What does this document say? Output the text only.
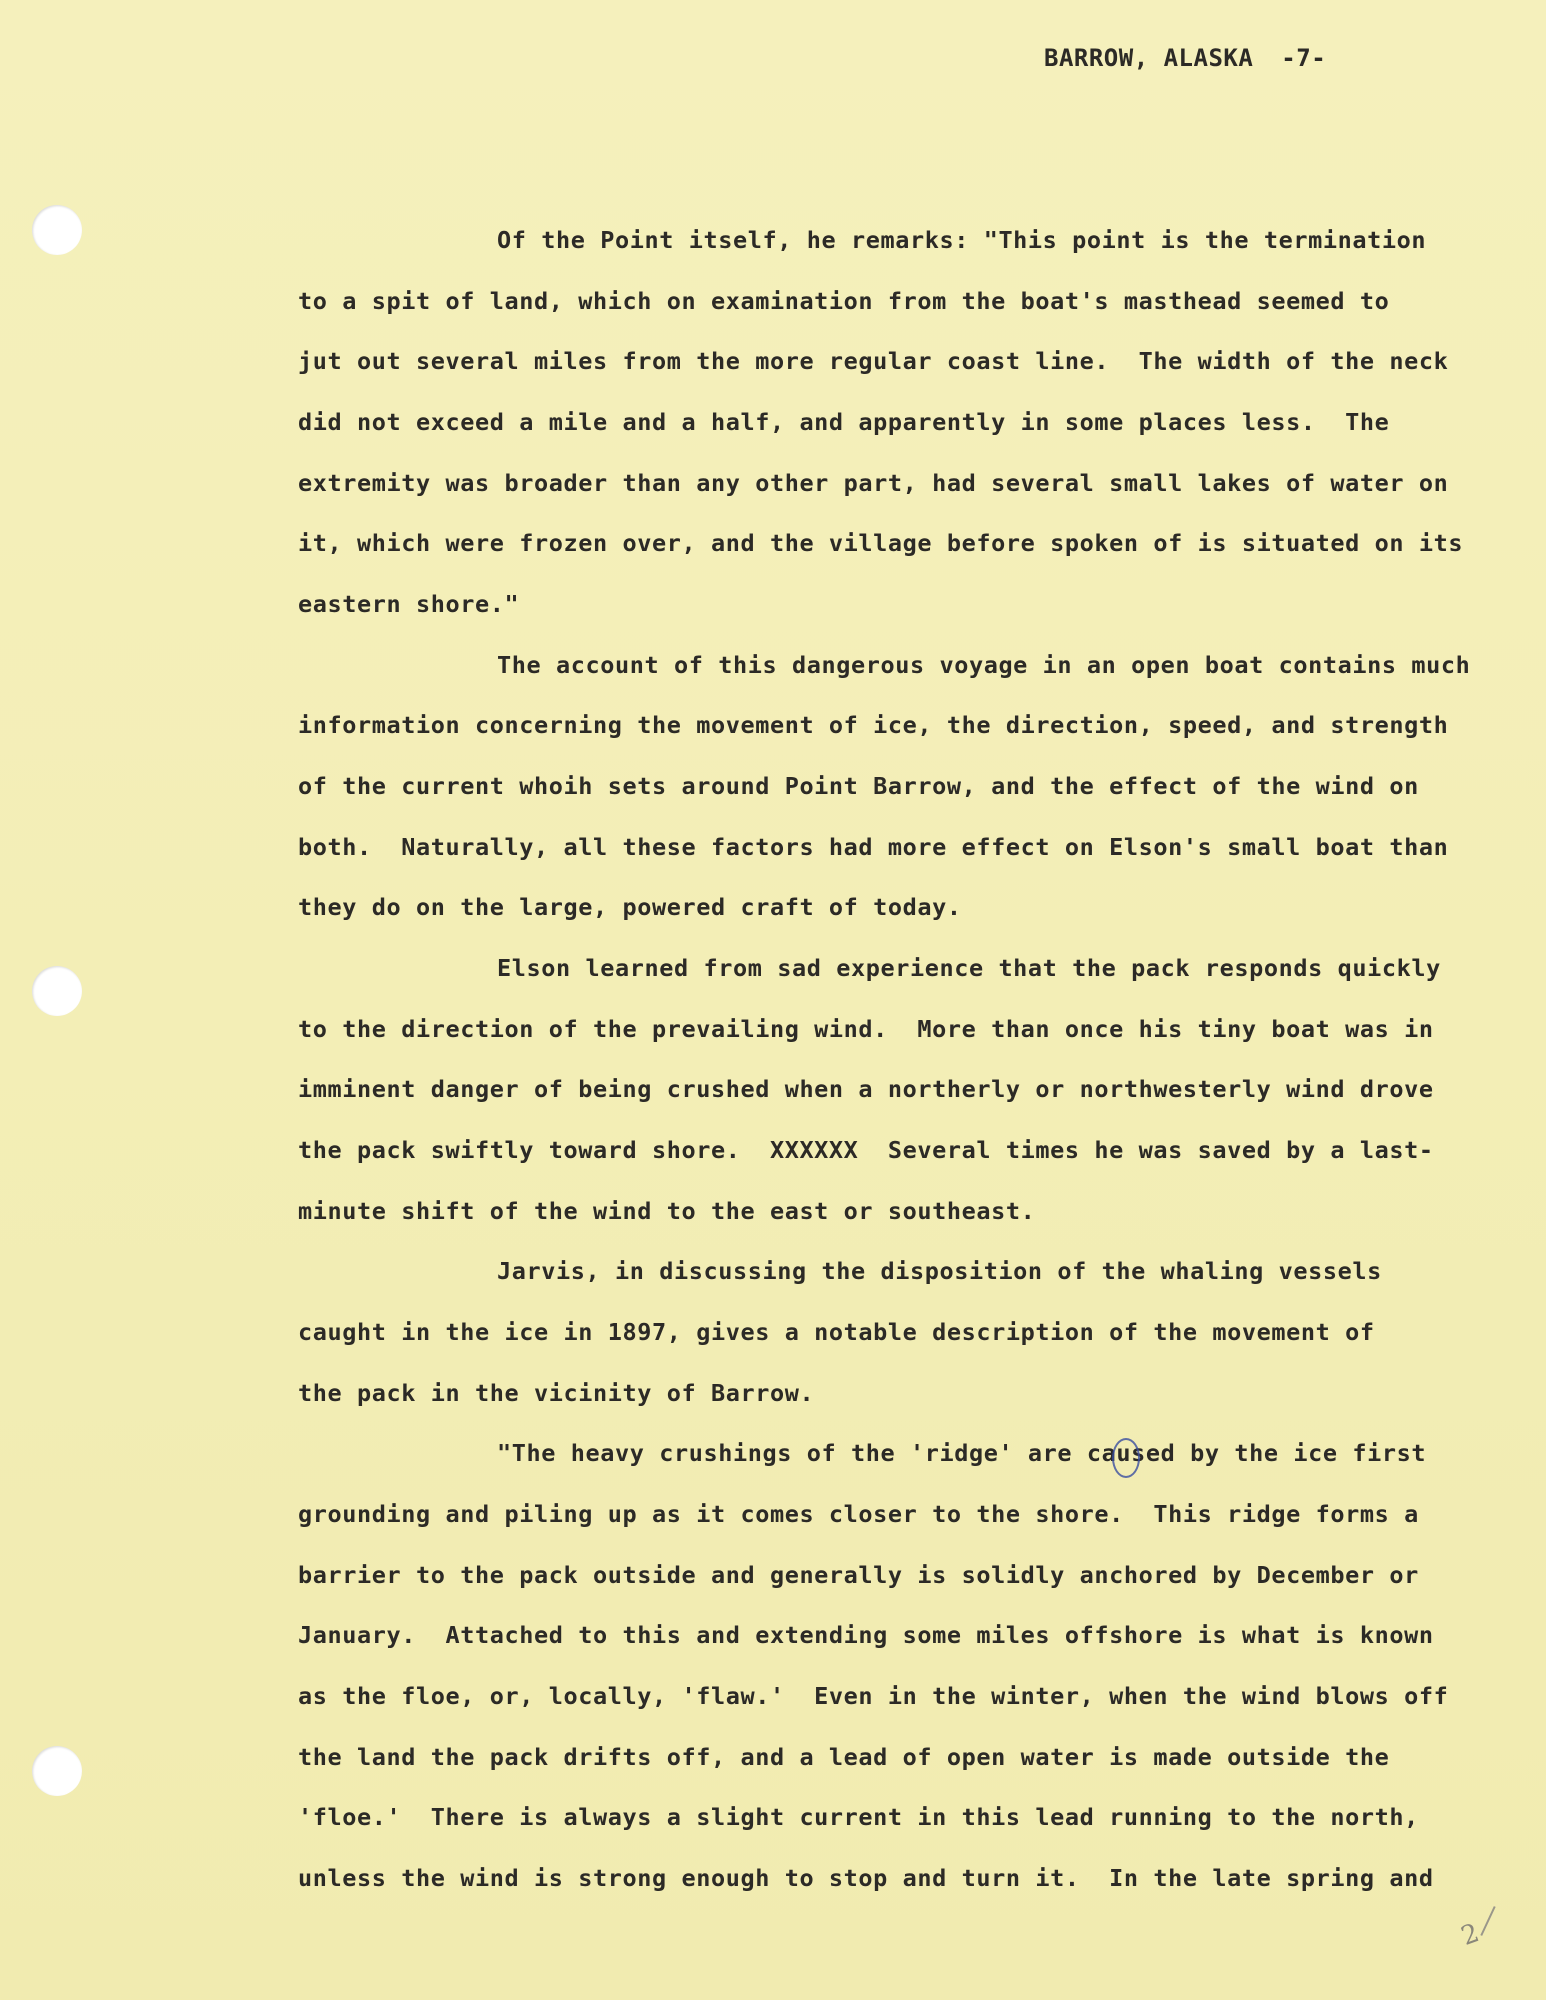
BARROW, ALASKA -7-
Of the Point itself, he remarks: "This point is the termination
to a spit of land, which on examination from the boat's masthead seemed to
jut out several miles from the more regular coast line.  The width of the neck
did not exceed a mile and a half, and apparently in some places less.  The
extremity was broader than any other part, had several small lakes of water on
it, which were frozen over, and the village before spoken of is situated on its
eastern shore."
The account of this dangerous voyage in an open boat contains much
information concerning the movement of ice, the direction, speed, and strength
of the current whoih sets around Point Barrow, and the effect of the wind on
both.  Naturally, all these factors had more effect on Elson's small boat than
they do on the large, powered craft of today.
Elson learned from sad experience that the pack responds quickly
to the direction of the prevailing wind.  More than once his tiny boat was in
imminent danger of being crushed when a northerly or northwesterly wind drove
the pack swiftly toward shore.  XXXXXX  Several times he was saved by a last-
minute shift of the wind to the east or southeast.
Jarvis, in discussing the disposition of the whaling vessels
caught in the ice in 1897, gives a notable description of the movement of
the pack in the vicinity of Barrow.
"The heavy crushings of the 'ridge' are caused by the ice first
grounding and piling up as it comes closer to the shore.  This ridge forms a
barrier to the pack outside and generally is solidly anchored by December or
January.  Attached to this and extending some miles offshore is what is known
as the floe, or, locally, 'flaw.'  Even in the winter, when the wind blows off
the land the pack drifts off, and a lead of open water is made outside the
'floe.'  There is always a slight current in this lead running to the north,
unless the wind is strong enough to stop and turn it.  In the late spring and
2
